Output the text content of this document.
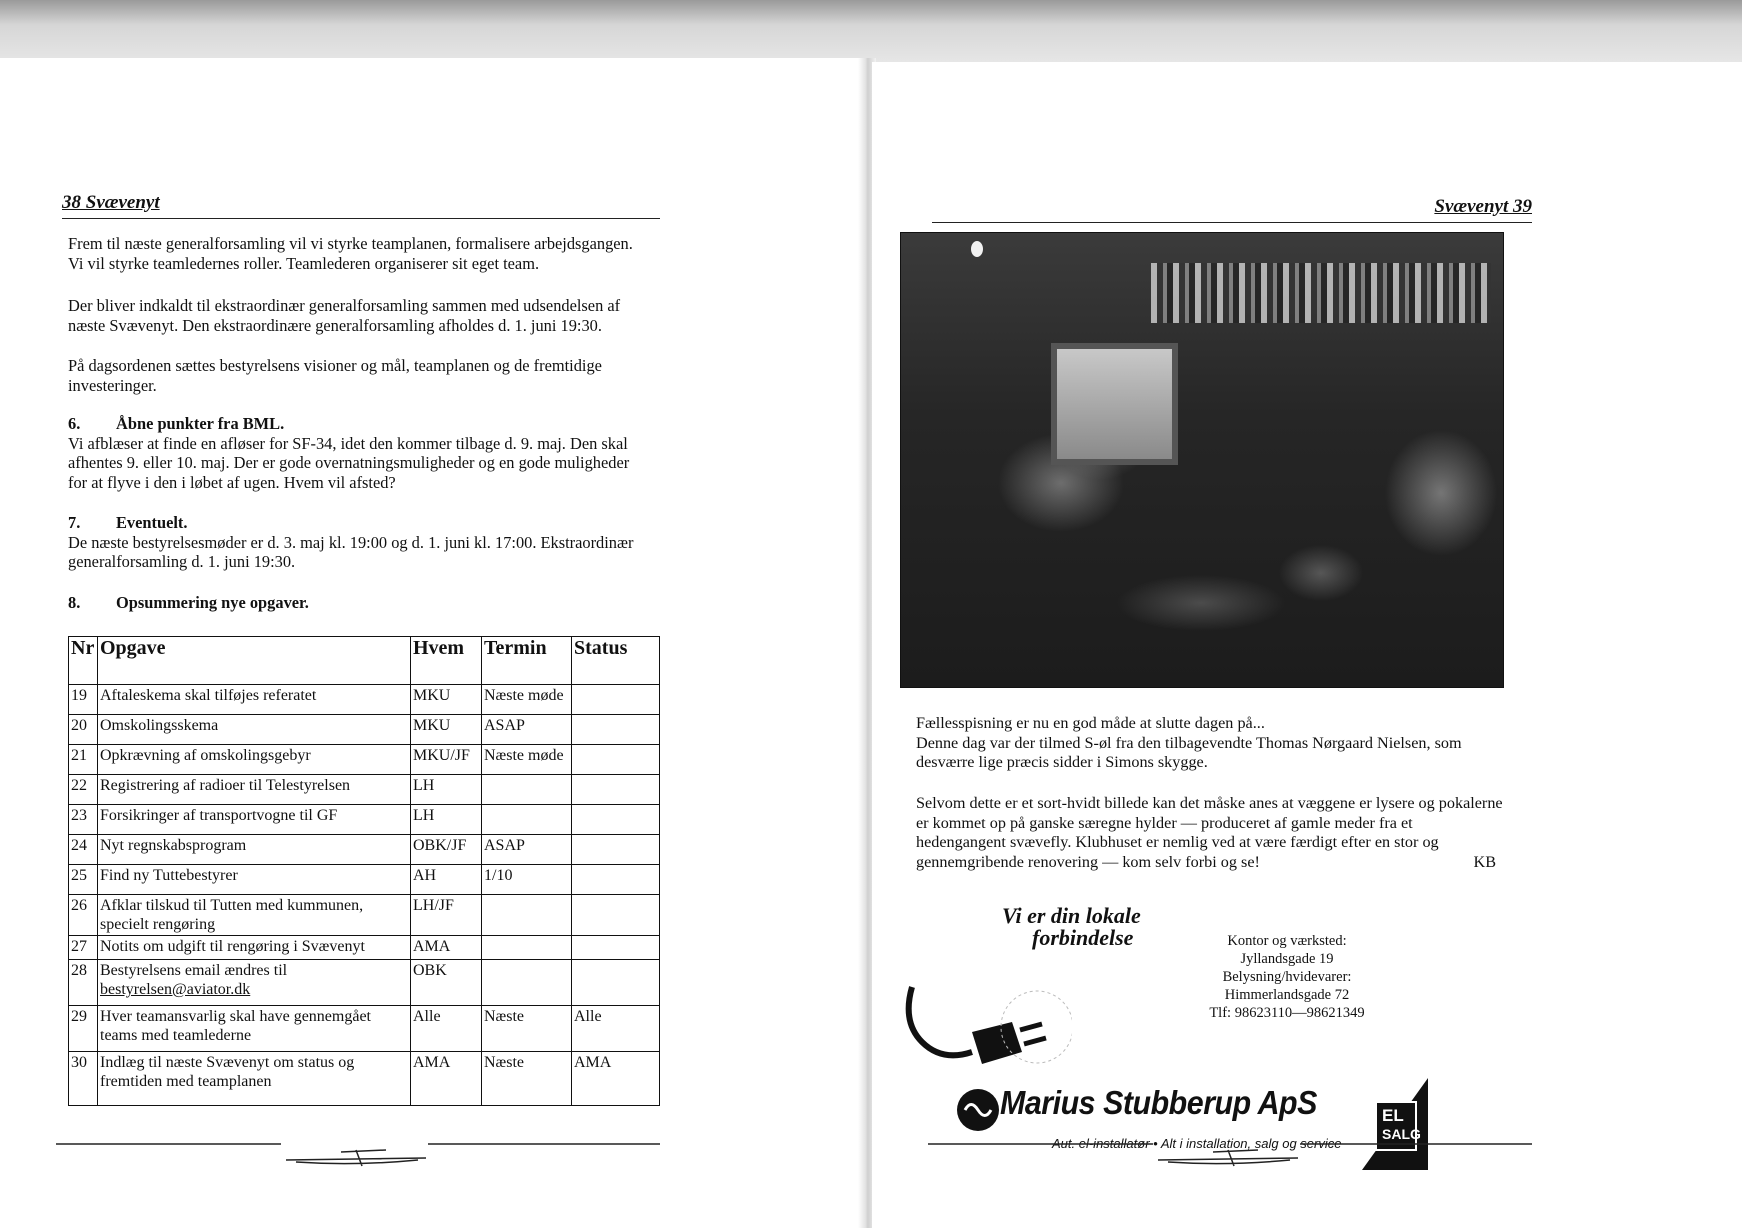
38 Svævenyt
Frem til næste generalforsamling vil vi styrke teamplanen, formalisere arbejdsgangen. Vi vil styrke teamledernes roller. Teamlederen organiserer sit eget team.
Der bliver indkaldt til ekstraordinær generalforsamling sammen med udsendelsen af næste Svævenyt. Den ekstraordinære generalforsamling afholdes d. 1. juni 19:30.
På dagsordenen sættes bestyrelsens visioner og mål, teamplanen og de fremtidige investeringer.
6. Åbne punkter fra BML.
Vi afblæser at finde en afløser for SF-34, idet den kommer tilbage d. 9. maj. Den skal afhentes 9. eller 10. maj. Der er gode overnatningsmuligheder og en gode muligheder for at flyve i den i løbet af ugen. Hvem vil afsted?
7. Eventuelt.
De næste bestyrelsesmøder er d. 3. maj kl. 19:00 og d. 1. juni kl. 17:00. Ekstraordinær generalforsamling d. 1. juni 19:30.
8. Opsummering nye opgaver.
Nr	Opgave	Hvem	Termin	Status
19	Aftaleskema skal tilføjes referatet	MKU	Næste møde	
20	Omskolingsskema	MKU	ASAP	
21	Opkrævning af omskolingsgebyr	MKU/JF	Næste møde	
22	Registrering af radioer til Telestyrelsen	LH		
23	Forsikringer af transportvogne til GF	LH		
24	Nyt regnskabsprogram	OBK/JF	ASAP	
25	Find ny Tuttebestyrer	AH	1/10	
26	Afklar tilskud til Tutten med kummunen, specielt rengøring	LH/JF		
27	Notits om udgift til rengøring i Svævenyt	AMA		
28	Bestyrelsens email ændres til bestyrelsen@aviator.dk	OBK		
29	Hver teamansvarlig skal have gennemgået teams med teamlederne	Alle	Næste	Alle
30	Indlæg til næste Svævenyt om status og fremtiden med teamplanen	AMA	Næste	AMA
Svævenyt 39
Fællesspisning er nu en god måde at slutte dagen på...
Denne dag var der tilmed S-øl fra den tilbagevendte Thomas Nørgaard Nielsen, som desværre lige præcis sidder i Simons skygge.
Selvom dette er et sort-hvidt billede kan det måske anes at væggene er lysere og pokalerne er kommet op på ganske særegne hylder — produceret af gamle meder fra et hedengangent svævefly. Klubhuset er nemlig ved at være færdigt efter en stor og gennemgribende renovering — kom selv forbi og se!	KB
Vi er din lokale
forbindelse	Kontor og værksted:
Jyllandsgade 19
Belysning/hvidevarer:
Himmerlandsgade 72
Tlf: 98623110—98621349
Marius Stubberup ApS
Aut. el-installatør • Alt i installation, salg og service
EL
SALG
